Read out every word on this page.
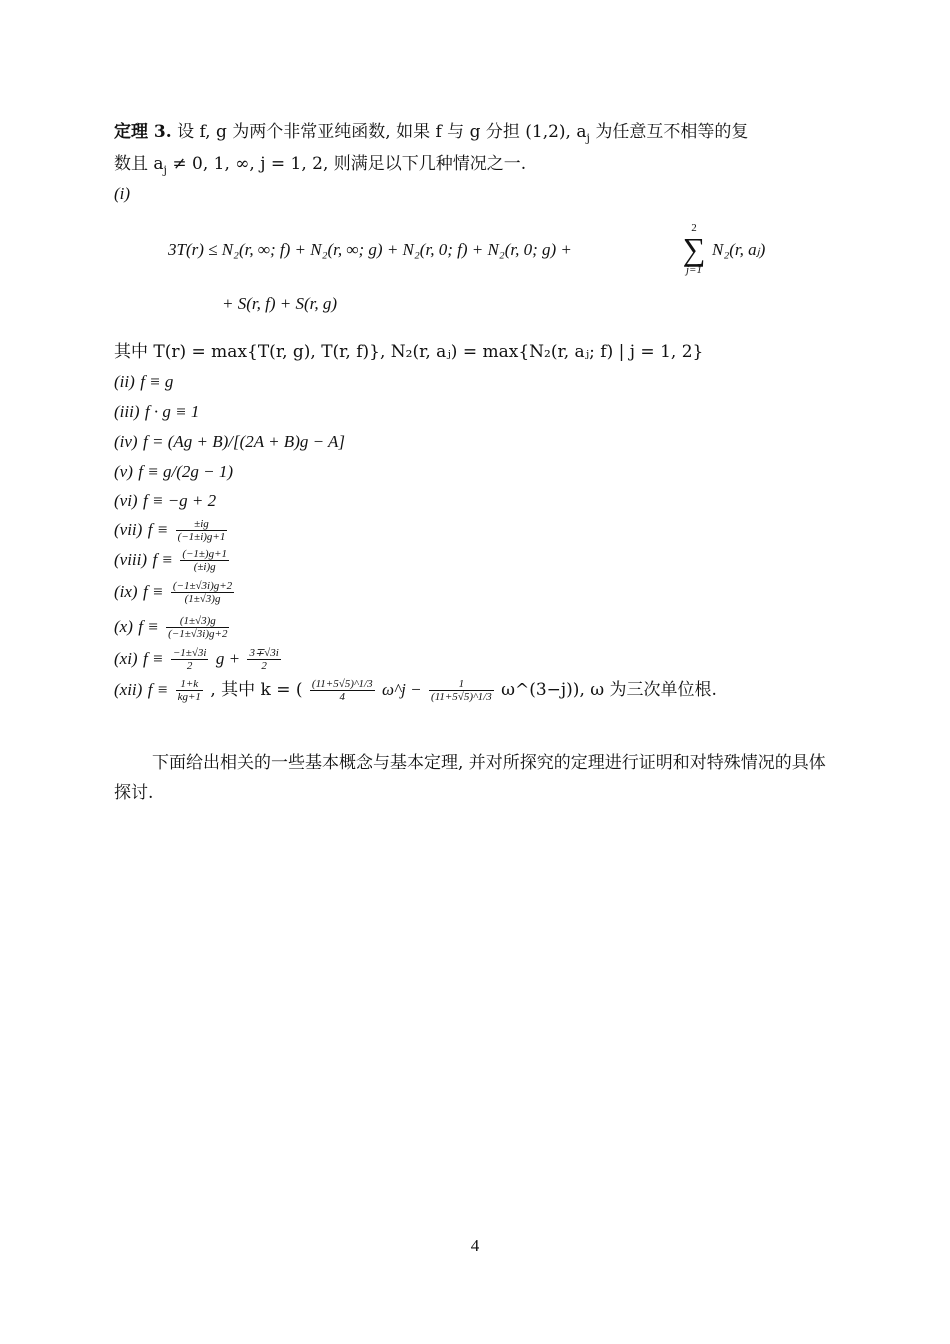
定理 3. 设 f, g 为两个非常亚纯函数, 如果 f 与 g 分担 (1,2), $a_j$ 为任意互不相等的复
数且 $a_j \ne 0$, 1, ∞, j = 1, 2, 则满足以下几种情况之一.
(i)
3T(r) ≤ N₂(r, ∞; f) + N₂(r, ∞; g) + N₂(r, 0; f) + N₂(r, 0; g) +
2
∑
j=1
N₂(r, aⱼ)
+ S(r, f) + S(r, g)
其中 T(r) = max{T(r, g), T(r, f)}, N₂(r, aⱼ) = max{N₂(r, aⱼ; f) | j = 1, 2}
(ii) f ≡ g
(iii) f · g ≡ 1
(iv) f = (Ag + B)/[(2A + B)g − A]
(v) f ≡ g/(2g − 1)
(vi) f ≡ −g + 2
(vii) $f \equiv \frac{\pm ig}{(-1\pm i)g+1}$
(viii) $f \equiv \frac{(-1\pm)g+1}{(\pm i)g}$
(ix) $f \equiv \frac{(-1\pm√3i)g+2}{(1\pm√3)g}$
(x) $f \equiv \frac{(1\pm√3)g}{(-1\pm√3i)g+2}$
(xi) $f \equiv \frac{-1\pm√3i}{2}$ $g + \frac{3\mp√3i}{2}$
(xii) $f \equiv \frac{1+k}{kg+1}$ , 其中 k = ( $\frac{(11+5√5)\^{}1/3}{4}$ ω^j − $\frac{1}{(11+5√5)\^{}1/3}$ ω^(3−j)), ω 为三次单位根.
下面给出相关的一些基本概念与基本定理, 并对所探究的定理进行证明和对特殊情况的具体探讨.
4
